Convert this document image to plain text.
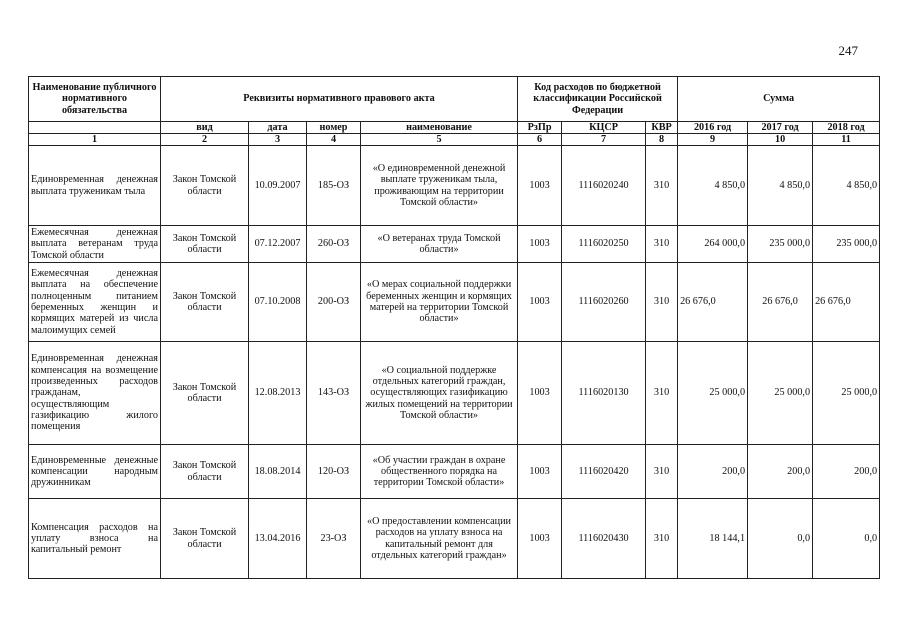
247
Наименование публичного нормативного обязательства	Реквизиты нормативного правового акта				Код расходов по бюджетной классификации Российской Федерации			Сумма		
	вид	дата	номер	наименование	РзПр	КЦСР	КВР	2016 год	2017 год	2018 год
1	2	3	4	5	6	7	8	9	10	11
Единовременная денежная выплата труженикам тыла	Закон Томской области	10.09.2007	185-ОЗ	«О единовременной денежной выплате труженикам тыла, проживающим на территории Томской области»	1003	1116020240	310	4 850,0	4 850,0	4 850,0
Ежемесячная денежная выплата ветеранам труда Томской области	Закон Томской области	07.12.2007	260-ОЗ	«О ветеранах труда Томской области»	1003	1116020250	310	264 000,0	235 000,0	235 000,0
Ежемесячная денежная выплата на обеспечение полноценным питанием беременных женщин и кормящих матерей из числа малоимущих семей	Закон Томской области	07.10.2008	200-ОЗ	«О мерах социальной поддержки беременных женщин и кормящих матерей на территории Томской области»	1003	1116020260	310	26 676,0	26 676,0	26 676,0
Единовременная денежная компенсация на возмещение произведенных расходов гражданам, осуществляющим газификацию жилого помещения	Закон Томской области	12.08.2013	143-ОЗ	«О социальной поддержке отдельных категорий граждан, осуществляющих газификацию жилых помещений на территории Томской области»	1003	1116020130	310	25 000,0	25 000,0	25 000,0
Единовременные денежные компенсации народным дружинникам	Закон Томской области	18.08.2014	120-ОЗ	«Об участии граждан в охране общественного порядка на территории Томской области»	1003	1116020420	310	200,0	200,0	200,0
Компенсация расходов на уплату взноса на капитальный ремонт	Закон Томской области	13.04.2016	23-ОЗ	«О предоставлении компенсации расходов на уплату взноса на капитальный ремонт для отдельных категорий граждан»	1003	1116020430	310	18 144,1	0,0	0,0
